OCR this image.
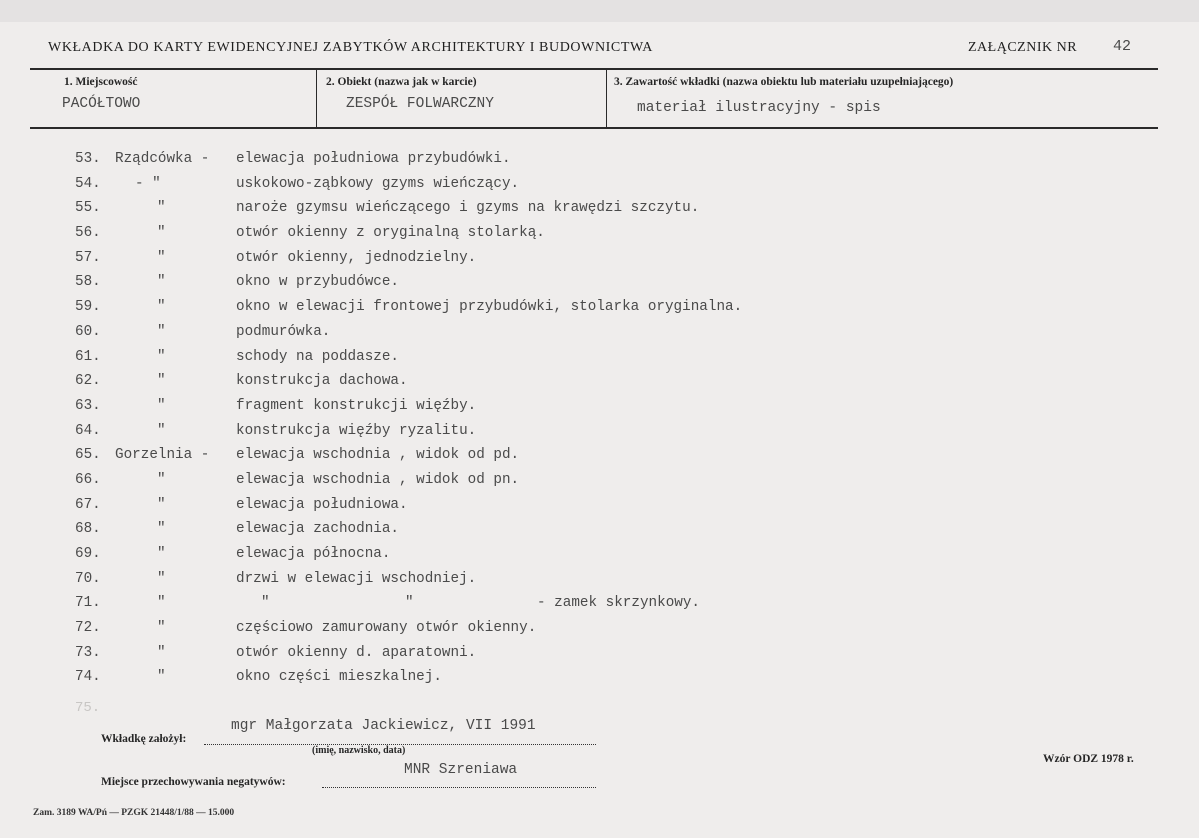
WKŁADKA DO KARTY EWIDENCYJNEJ ZABYTKÓW ARCHITEKTURY I BUDOWNICTWA	ZAŁĄCZNIK NR 42
1. Miejscowość
PACÓŁTOWO
2. Obiekt (nazwa jak w karcie)
ZESPÓŁ FOLWARCZNY
3. Zawartość wkładki (nazwa obiektu lub materiału uzupełniającego)
materiał ilustracyjny - spis
53. Rządcówka - elewacja południowa przybudówki.
54.	- "	uskokowo-ząbkowy gzyms wieńczący.
55.	"	naroże gzymsu wieńczącego i gzyms na krawędzi szczytu.
56.	"	otwór okienny z oryginalną stolarką.
57.	"	otwór okienny, jednodzielny.
58.	"	okno w przybudówce.
59.	"	okno w elewacji frontowej przybudówki, stolarka oryginalna.
60.	"	podmurówka.
61.	"	schody na poddasze.
62.	"	konstrukcja dachowa.
63.	"	fragment konstrukcji więźby.
64.	"	konstrukcja więźby ryzalitu.
65. Gorzelnia - elewacja wschodnia , widok od pd.
66.	"	elewacja wschodnia , widok od pn.
67.	"	elewacja południowa.
68.	"	elewacja zachodnia.
69.	"	elewacja północna.
70.	"	drzwi w elewacji wschodniej.
71.	"	"	"	- zamek skrzynkowy.
72.	"	częściowo zamurowany otwór okienny.
73.	"	otwór okienny d. aparatowni.
74.	"	okno części mieszkalnej.
75.
Wkładkę założył:
mgr Małgorzata Jackiewicz, VII 1991
(imię, nazwisko, data)
Miejsce przechowywania negatywów:
MNR Szreniawa
Wzór ODZ 1978 r.
Zam. 3189 WA/Pń — PZGK 21448/1/88 — 15.000
